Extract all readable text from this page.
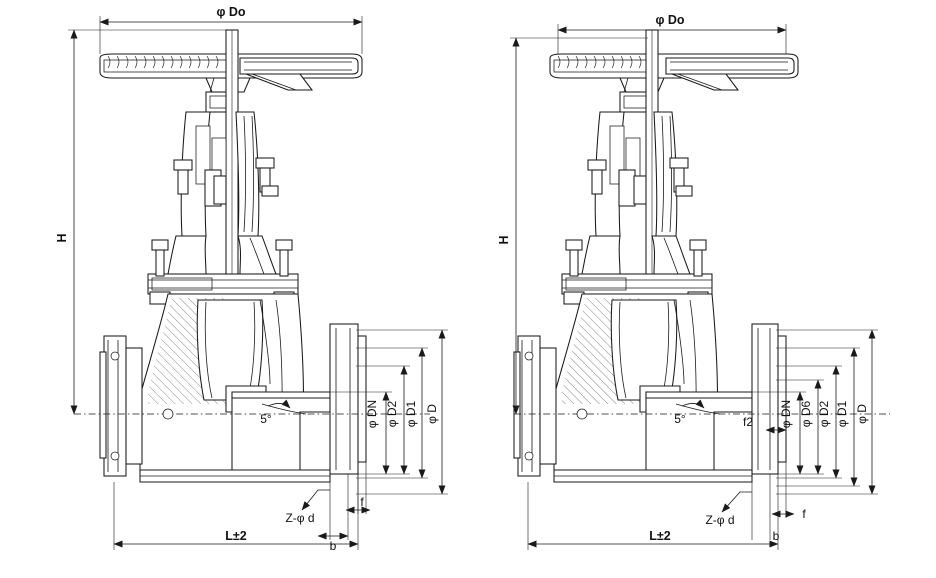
φ Do
H
L±2
φ DN φ D2 φ D1 φ D
Z-φ d
b
f
5°
φ Do
H
L±2
φ DN φ D6 φ D2 φ D1 φ D
f2
Z-φ d
b
f
5°
